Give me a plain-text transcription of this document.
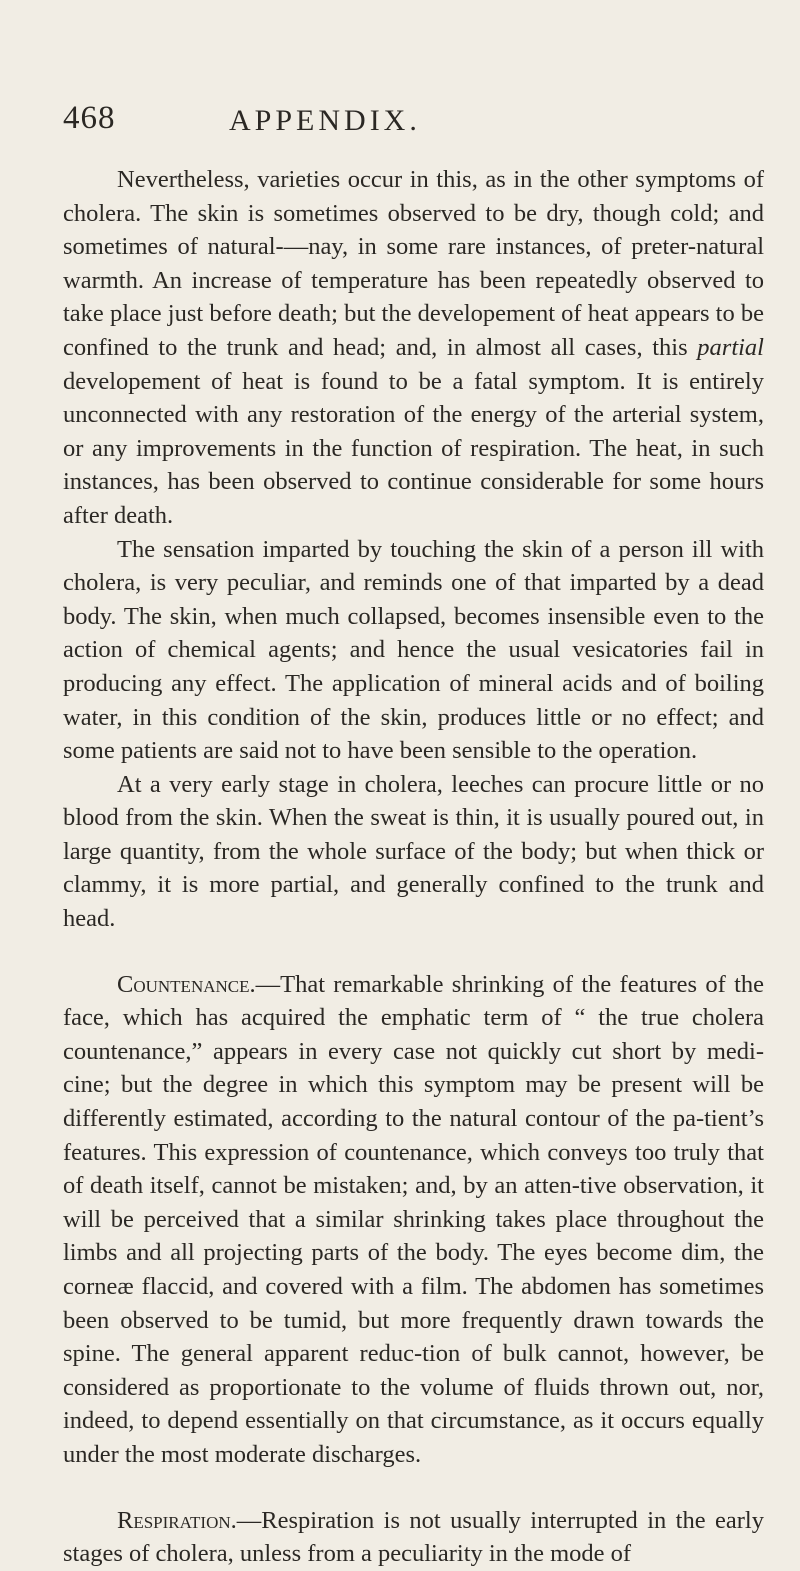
468	APPENDIX.

Nevertheless, varieties occur in this, as in the other symptoms of cholera. The skin is sometimes observed to be dry, though cold; and sometimes of natural-—nay, in some rare instances, of preter-natural warmth. An increase of temperature has been repeatedly observed to take place just before death; but the developement of heat appears to be confined to the trunk and head; and, in almost all cases, this partial developement of heat is found to be a fatal symptom. It is entirely unconnected with any restoration of the energy of the arterial system, or any improvements in the function of respiration. The heat, in such instances, has been observed to continue considerable for some hours after death.

The sensation imparted by touching the skin of a person ill with cholera, is very peculiar, and reminds one of that imparted by a dead body. The skin, when much collapsed, becomes insensible even to the action of chemical agents; and hence the usual vesicatories fail in producing any effect. The application of mineral acids and of boiling water, in this condition of the skin, produces little or no effect; and some patients are said not to have been sensible to the operation.

At a very early stage in cholera, leeches can procure little or no blood from the skin. When the sweat is thin, it is usually poured out, in large quantity, from the whole surface of the body; but when thick or clammy, it is more partial, and generally confined to the trunk and head.

Countenance.—That remarkable shrinking of the features of the face, which has acquired the emphatic term of “ the true cholera countenance,” appears in every case not quickly cut short by medi-cine; but the degree in which this symptom may be present will be differently estimated, according to the natural contour of the pa-tient’s features. This expression of countenance, which conveys too truly that of death itself, cannot be mistaken; and, by an atten-tive observation, it will be perceived that a similar shrinking takes place throughout the limbs and all projecting parts of the body. The eyes become dim, the corneæ flaccid, and covered with a film. The abdomen has sometimes been observed to be tumid, but more frequently drawn towards the spine. The general apparent reduc-tion of bulk cannot, however, be considered as proportionate to the volume of fluids thrown out, nor, indeed, to depend essentially on that circumstance, as it occurs equally under the most moderate discharges.

Respiration.—Respiration is not usually interrupted in the early stages of cholera, unless from a peculiarity in the mode of
